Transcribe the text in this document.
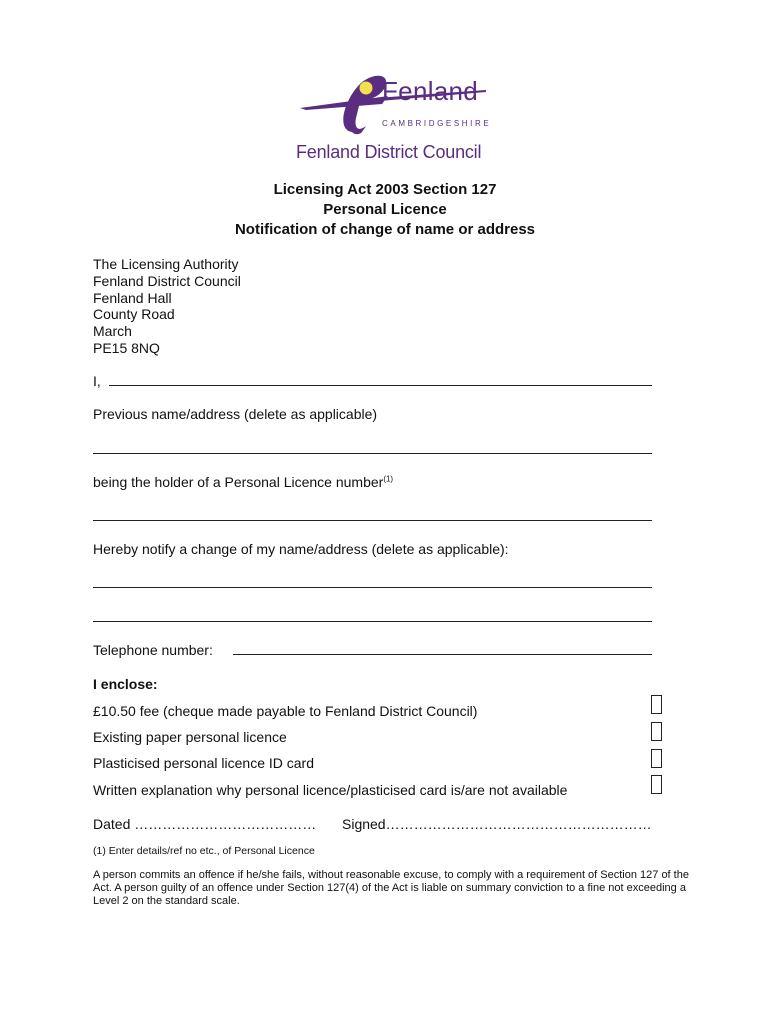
Fenland
CAMBRIDGESHIRE
Fenland District Council
Licensing Act 2003 Section 127
Personal Licence
Notification of change of name or address
The Licensing Authority
Fenland District Council
Fenland Hall
County Road
March
PE15 8NQ
I,
Previous name/address (delete as applicable)
being the holder of a Personal Licence number$^{(1)}$
Hereby notify a change of my name/address (delete as applicable):
Telephone number:
I enclose:
£10.50 fee (cheque made payable to Fenland District Council)
Existing paper personal licence
Plasticised personal licence ID card
Written explanation why personal licence/plasticised card is/are not available
Dated ………………………………… Signed…………………………………………………
(1) Enter details/ref no etc., of Personal Licence
A person commits an offence if he/she fails, without reasonable excuse, to comply with a requirement of Section 127 of the Act. A person guilty of an offence under Section 127(4) of the Act is liable on summary conviction to a fine not exceeding a Level 2 on the standard scale.
